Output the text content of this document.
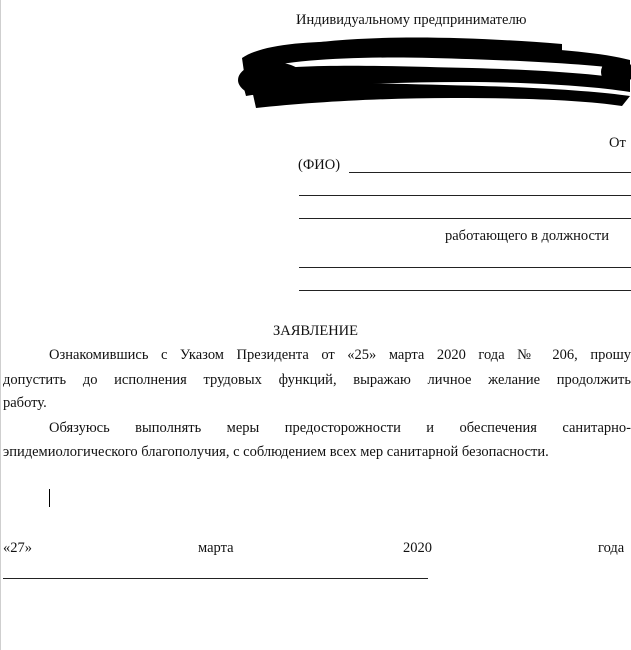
Индивидуальному предпринимателю
От
(ФИО)
работающего в должности
ЗАЯВЛЕНИЕ
Ознакомившись с Указом Президента от «25» марта 2020 года № 206, прошу
допустить до исполнения трудовых функций, выражаю личное желание продолжить
работу.
Обязуюсь выполнять меры предосторожности и обеспечения санитарно-
эпидемиологического благополучия, с соблюдением всех мер санитарной безопасности.
«27»	марта	2020	года
